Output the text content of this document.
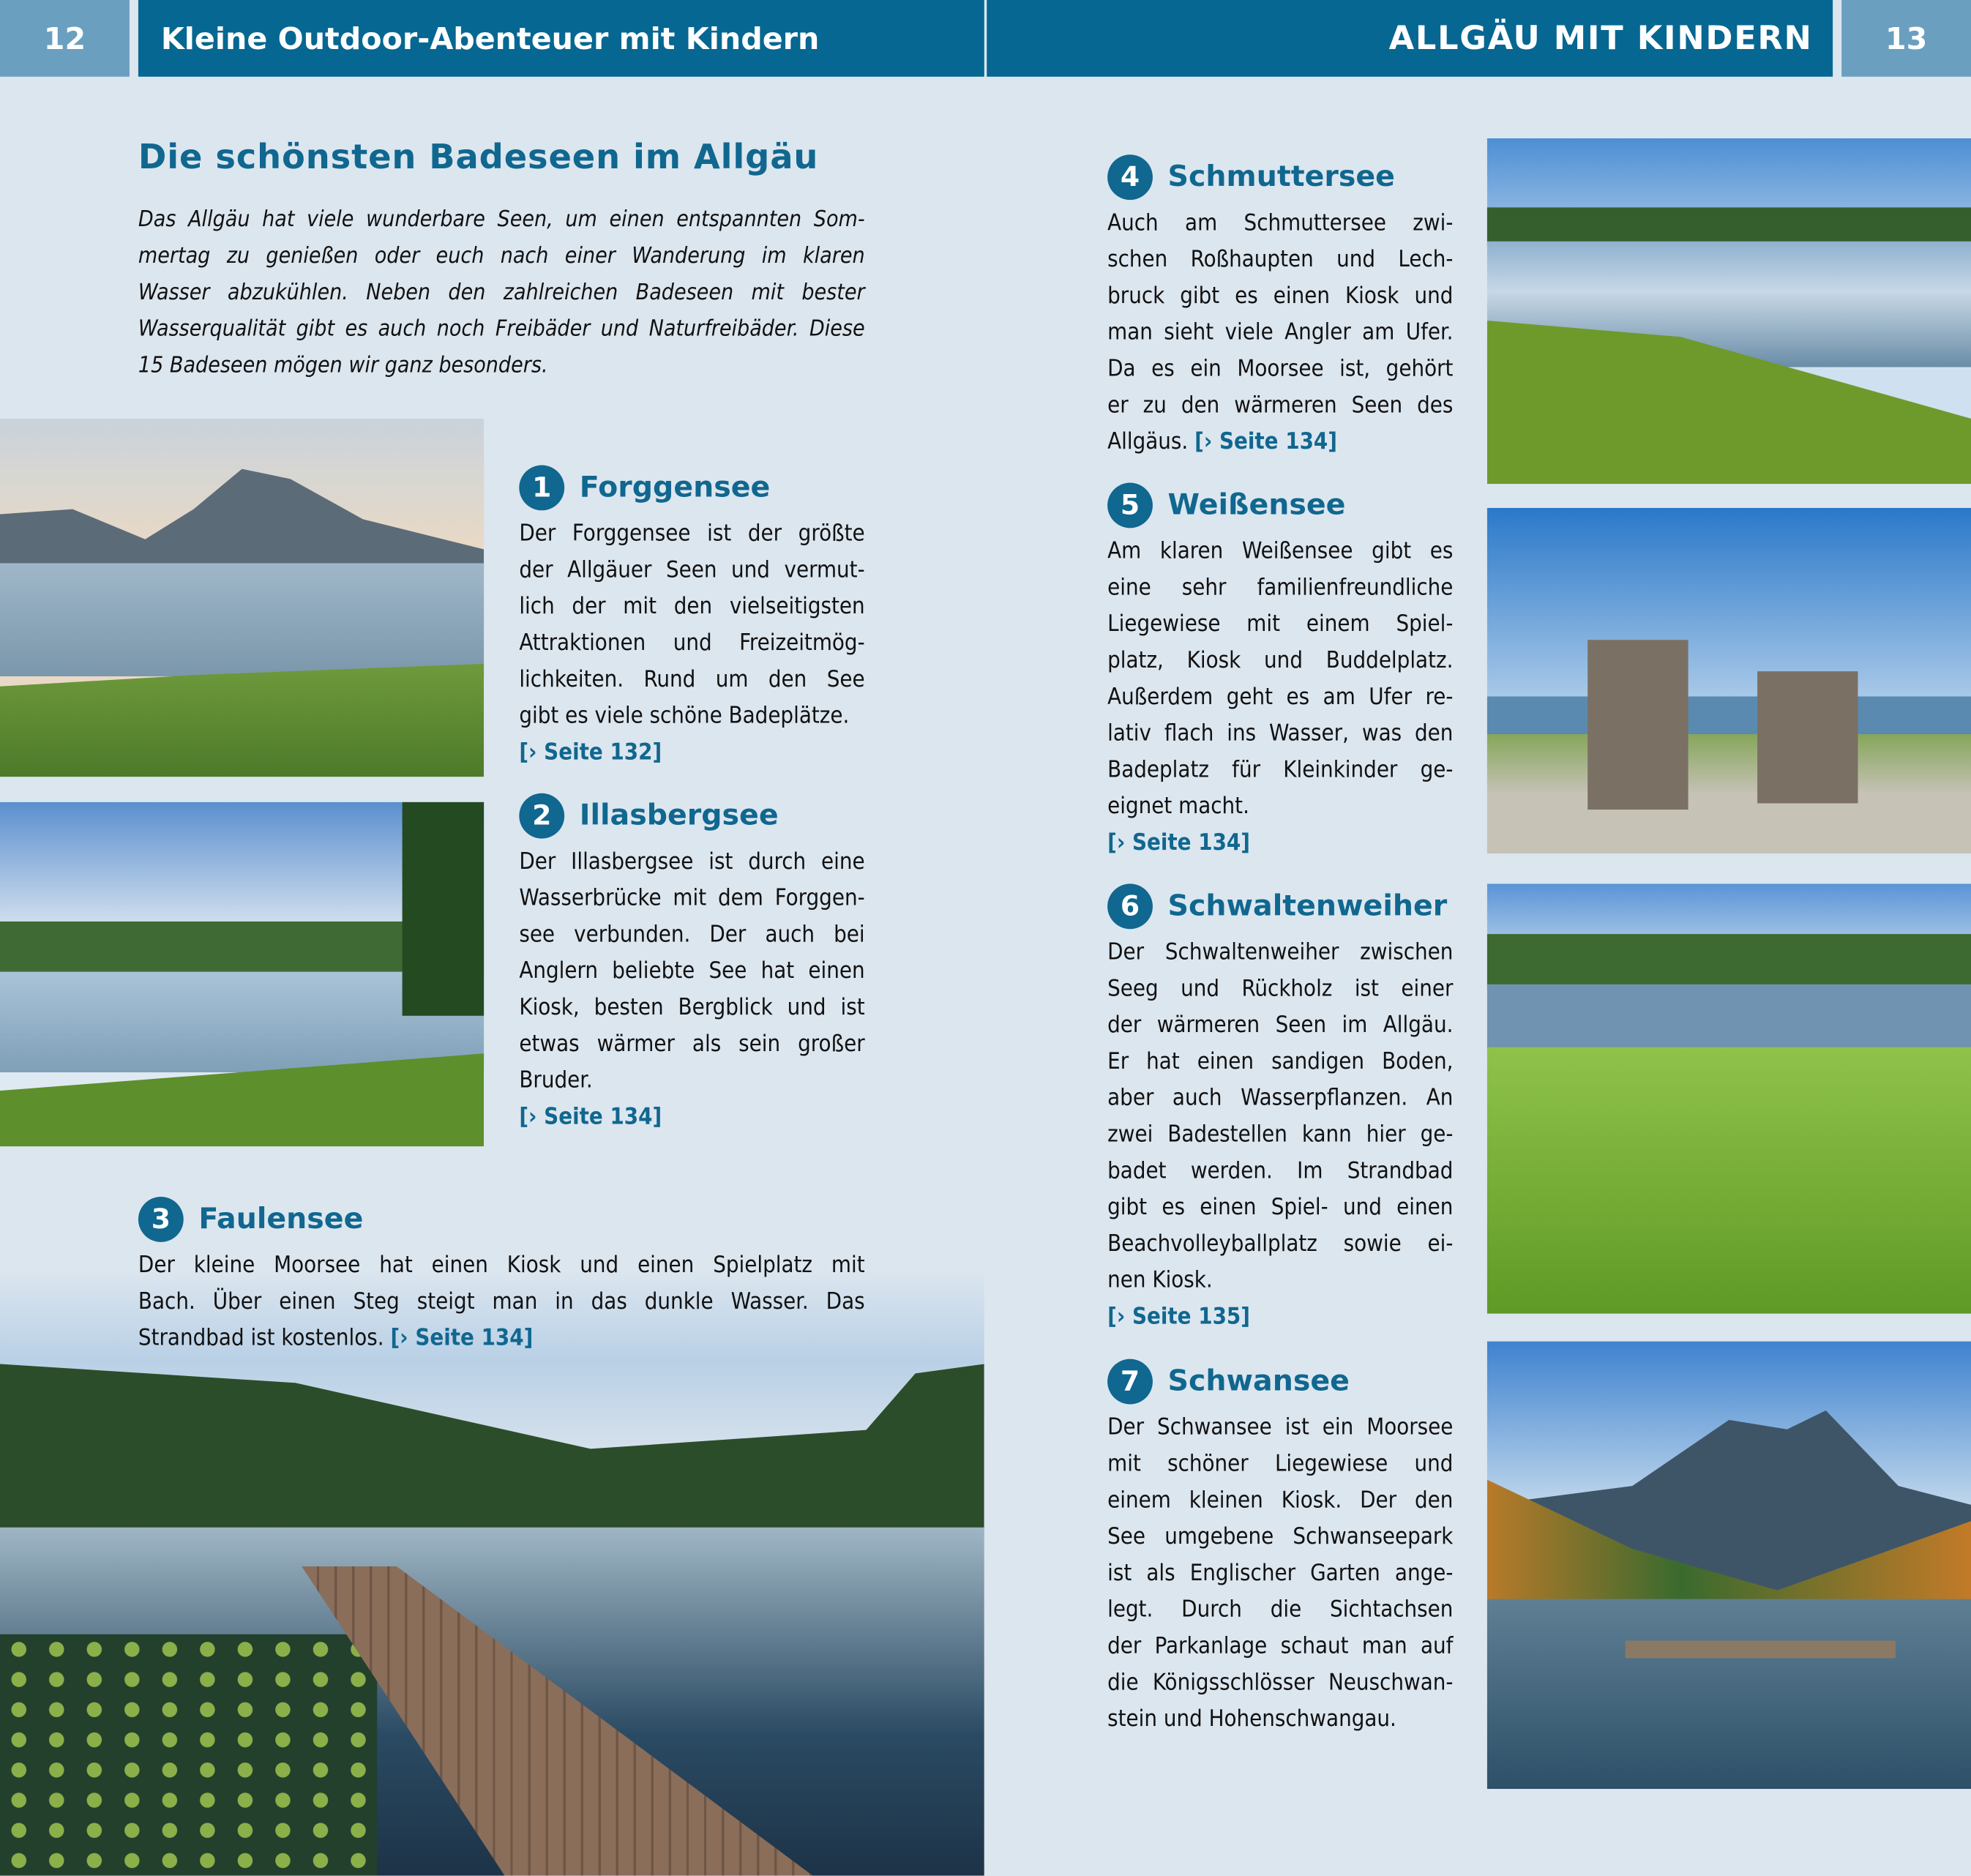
12	Kleine Outdoor-Abenteuer mit Kindern	ALLGÄU MIT KINDERN	13
Die schönsten Badeseen im Allgäu
Das Allgäu hat viele wunderbare Seen, um einen entspannten Som-
mertag zu genießen oder euch nach einer Wanderung im klaren
Wasser abzukühlen. Neben den zahlreichen Badeseen mit bester
Wasserqualität gibt es auch noch Freibäder und Naturfreibäder. Diese
15 Badeseen mögen wir ganz besonders.
1	Forggensee
Der Forggensee ist der größte
der Allgäuer Seen und vermut-
lich der mit den vielseitigsten
Attraktionen und Freizeitmög-
lichkeiten. Rund um den See
gibt es viele schöne Badeplätze.
[› Seite 132]
2	Illasbergsee
Der Illasbergsee ist durch eine
Wasserbrücke mit dem Forggen-
see verbunden. Der auch bei
Anglern beliebte See hat einen
Kiosk, besten Bergblick und ist
etwas wärmer als sein großer
Bruder.
[› Seite 134]
3	Faulensee
Der kleine Moorsee hat einen Kiosk und einen Spielplatz mit
Bach. Über einen Steg steigt man in das dunkle Wasser. Das
Strandbad ist kostenlos. [› Seite 134]
4	Schmuttersee
Auch am Schmuttersee zwi-
schen Roßhaupten und Lech-
bruck gibt es einen Kiosk und
man sieht viele Angler am Ufer.
Da es ein Moorsee ist, gehört
er zu den wärmeren Seen des
Allgäus. [› Seite 134]
5	Weißensee
Am klaren Weißensee gibt es
eine sehr familienfreundliche
Liegewiese mit einem Spiel-
platz, Kiosk und Buddelplatz.
Außerdem geht es am Ufer re-
lativ flach ins Wasser, was den
Badeplatz für Kleinkinder ge-
eignet macht.
[› Seite 134]
6	Schwaltenweiher
Der Schwaltenweiher zwischen
Seeg und Rückholz ist einer
der wärmeren Seen im Allgäu.
Er hat einen sandigen Boden,
aber auch Wasserpflanzen. An
zwei Badestellen kann hier ge-
badet werden. Im Strandbad
gibt es einen Spiel- und einen
Beachvolleyballplatz sowie ei-
nen Kiosk.
[› Seite 135]
7	Schwansee
Der Schwansee ist ein Moorsee
mit schöner Liegewiese und
einem kleinen Kiosk. Der den
See umgebene Schwanseepark
ist als Englischer Garten ange-
legt. Durch die Sichtachsen
der Parkanlage schaut man auf
die Königsschlösser Neuschwan-
stein und Hohenschwangau.
